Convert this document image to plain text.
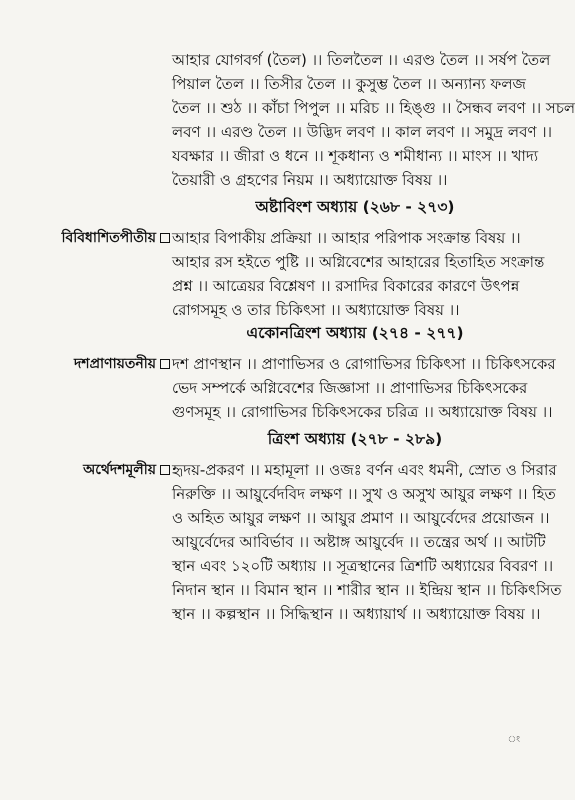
আহার যোগবর্গ (তৈল) ।। তিলতৈল ।। এরণ্ড তৈল ।। সর্ষপ তৈল
পিয়াল তৈল ।। তিসীর তৈল ।। কুসুম্ভ তৈল ।। অন্যান্য ফলজ
তৈল ।। শুঠ ।। কাঁচা পিপুল ।। মরিচ ।। হিঙ্গু ।। সৈন্ধব লবণ ।। সচল
লবণ ।। এরণ্ড তৈল ।। উদ্ভিদ লবণ ।। কাল লবণ ।। সমুদ্র লবণ ।।
যবক্ষার ।। জীরা ও ধনে ।। শূকধান্য ও শমীধান্য ।। মাংস ।। খাদ্য
তৈয়ারী ও গ্রহণের নিয়ম ।। অধ্যায়োক্ত বিষয় ।।
অষ্টাবিংশ অধ্যায় (২৬৮ - ২৭৩)
বিবিধাশিতপীতীয়	আহার বিপাকীয় প্রক্রিয়া ।। আহার পরিপাক সংক্রান্ত বিষয় ।।
আহার রস হইতে পুষ্টি ।। অগ্নিবেশের আহারের হিতাহিত সংক্রান্ত
প্রশ্ন ।। আত্রেয়র বিশ্লেষণ ।। রসাদির বিকারের কারণে উৎপন্ন
রোগসমূহ ও তার চিকিৎসা ।। অধ্যায়োক্ত বিষয় ।।
একোনত্রিংশ অধ্যায় (২৭৪ - ২৭৭)
দশপ্রাণায়তনীয়	দশ প্রাণস্থান ।। প্রাণাভিসর ও রোগাভিসর চিকিৎসা ।। চিকিৎসকের
ভেদ সম্পর্কে অগ্নিবেশের জিজ্ঞাসা ।। প্রাণাভিসর চিকিৎসকের
গুণসমূহ ।। রোগাভিসর চিকিৎসকের চরিত্র ।। অধ্যায়োক্ত বিষয় ।।
ত্রিংশ অধ্যায় (২৭৮ - ২৮৯)
অর্থেদশমূলীয়	হৃদয়-প্রকরণ ।। মহামূলা ।। ওজঃ বর্ণন এবং ধমনী, স্রোত ও সিরার
নিরুক্তি ।। আয়ুর্বেদবিদ লক্ষণ ।। সুখ ও অসুখ আয়ুর লক্ষণ ।। হিত
ও অহিত আয়ুর লক্ষণ ।। আয়ুর প্রমাণ ।। আয়ুর্বেদের প্রয়োজন ।।
আয়ুর্বেদের আবির্ভাব ।। অষ্টাঙ্গ আয়ুর্বেদ ।। তন্ত্রের অর্থ ।। আটটি
স্থান এবং ১২০টি অধ্যায় ।। সূত্রস্থানের ত্রিশটি অধ্যায়ের বিবরণ ।।
নিদান স্থান ।। বিমান স্থান ।। শারীর স্থান ।। ইন্দ্রিয় স্থান ।। চিকিৎসিত
স্থান ।। কল্পস্থান ।। সিদ্ধিস্থান ।। অধ্যায়ার্থ ।। অধ্যায়োক্ত বিষয় ।।
ং
